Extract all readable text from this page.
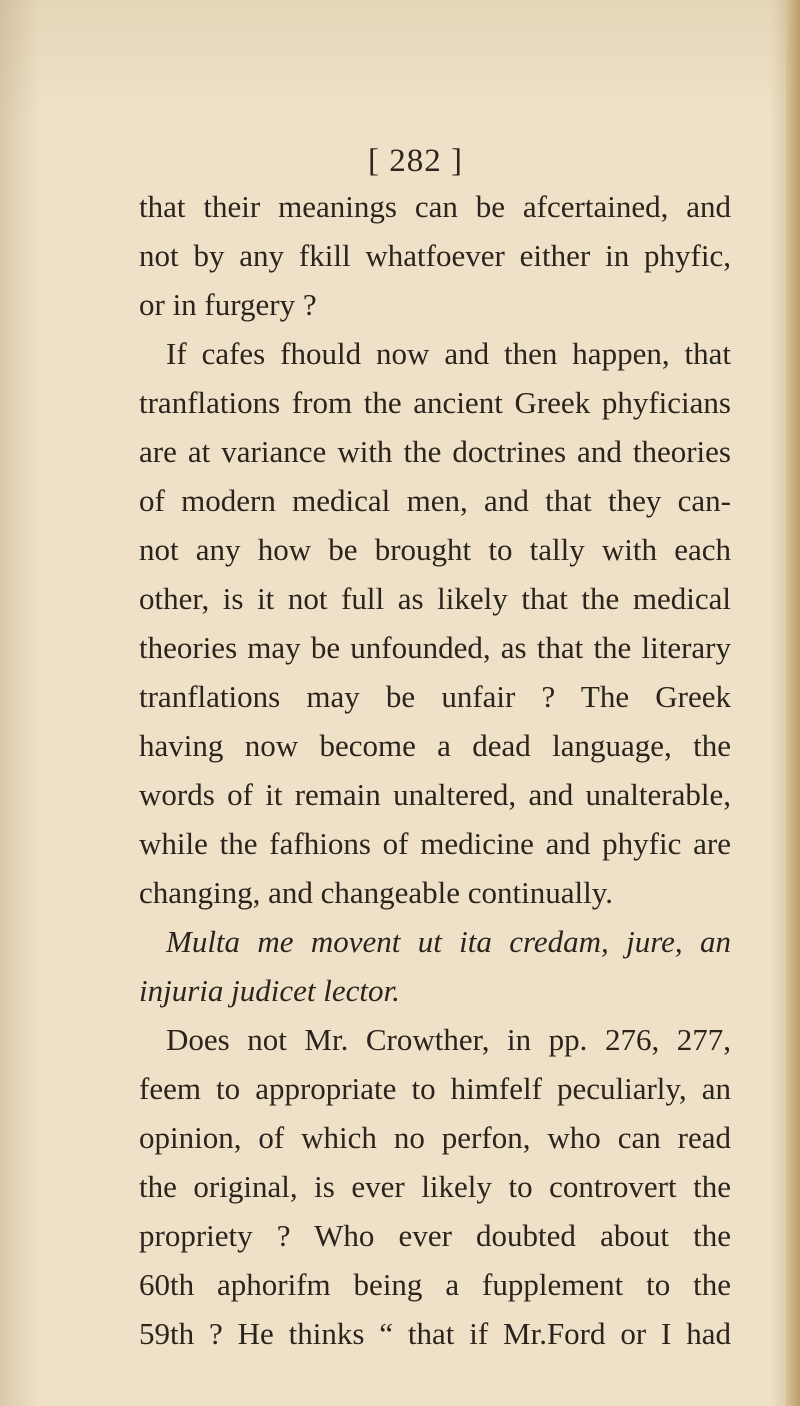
[ 282 ]
that their meanings can be afcertained, and
not by any fkill whatfoever either in phyfic,
or in furgery ?
If cafes fhould now and then happen, that
tranflations from the ancient Greek phyficians
are at variance with the doctrines and theories
of modern medical men, and that they can-
not any how be brought to tally with each
other, is it not full as likely that the medical
theories may be unfounded, as that the literary
tranflations may be unfair ? The Greek
having now become a dead language, the
words of it remain unaltered, and unalterable,
while the fafhions of medicine and phyfic are
changing, and changeable continually.
Multa me movent ut ita credam, jure, an
injuria judicet lector.
Does not Mr. Crowther, in pp. 276, 277,
feem to appropriate to himfelf peculiarly, an
opinion, of which no perfon, who can read
the original, is ever likely to controvert the
propriety ? Who ever doubted about the
60th aphorifm being a fupplement to the
59th ? He thinks “ that if Mr.Ford or I had
